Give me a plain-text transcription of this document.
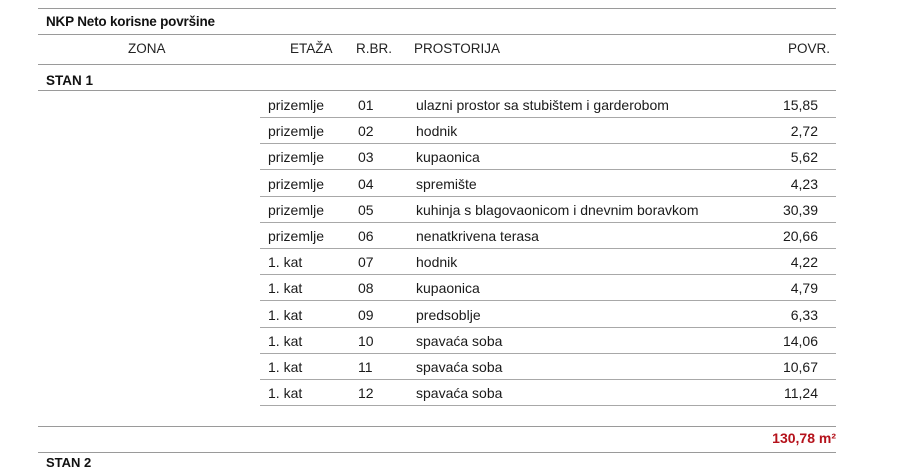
NKP Neto korisne površine
ZONA	ETAŽA R.BR. PROSTORIJA	POVR.
STAN 1
prizemlje 01	ulazni prostor sa stubištem i garderobom	15,85
prizemlje 02	hodnik	2,72
prizemlje 03	kupaonica	5,62
prizemlje 04	spremište	4,23
prizemlje 05	kuhinja s blagovaonicom i dnevnim boravkom	30,39
prizemlje 06	nenatkrivena terasa	20,66
1. kat	07	hodnik	4,22
1. kat	08	kupaonica	4,79
1. kat	09	predsoblje	6,33
1. kat	10	spavaća soba	14,06
1. kat	11	spavaća soba	10,67
1. kat	12	spavaća soba	11,24
130,78 m²
STAN 2
